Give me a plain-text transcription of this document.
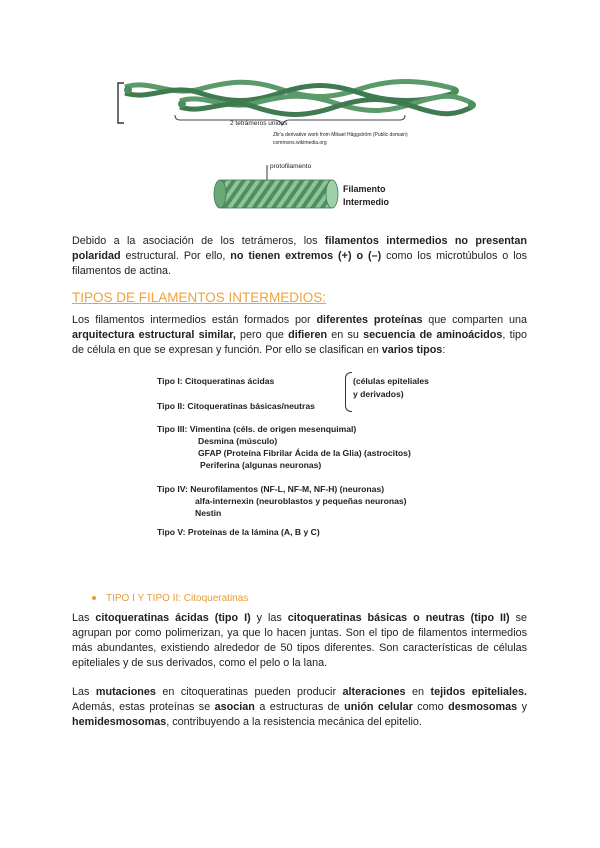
2 tetrámeros unidos
Zlir'a derivative work from Mikael Häggström (Public domain)
commons.wikimedia.org
protofilamento
Filamento
Intermedio

Debido a la asociación de los tetrámeros, los filamentos intermedios no presentan polaridad estructural. Por ello, no tienen extremos (+) o (–) como los microtúbulos o los filamentos de actina.

TIPOS DE FILAMENTOS INTERMEDIOS:

Los filamentos intermedios están formados por diferentes proteínas que comparten una arquitectura estructural similar, pero que difieren en su secuencia de aminoácidos, tipo de célula en que se expresan y función. Por ello se clasifican en varios tipos:

Tipo I: Citoqueratinas ácidas
Tipo II: Citoqueratinas básicas/neutras
(células epiteliales
y derivados)
Tipo III: Vimentina (céls. de origen mesenquimal)
Desmina (músculo)
GFAP (Proteína Fibrilar Ácida de la Glia) (astrocitos)
Periferina (algunas neuronas)
Tipo IV: Neurofilamentos (NF-L, NF-M, NF-H) (neuronas)
alfa-internexin (neuroblastos y pequeñas neuronas)
Nestin
Tipo V: Proteínas de la lámina (A, B y C)
TIPO I Y TIPO II: Citoqueratinas

Las citoqueratinas ácidas (tipo I) y las citoqueratinas básicas o neutras (tipo II) se agrupan por como polimerizan, ya que lo hacen juntas. Son el tipo de filamentos intermedios más abundantes, existiendo alrededor de 50 tipos diferentes. Son características de células epiteliales y de sus derivados, como el pelo o la lana.

Las mutaciones en citoqueratinas pueden producir alteraciones en tejidos epiteliales. Además, estas proteínas se asocian a estructuras de unión celular como desmosomas y hemidesmosomas, contribuyendo a la resistencia mecánica del epitelio.
